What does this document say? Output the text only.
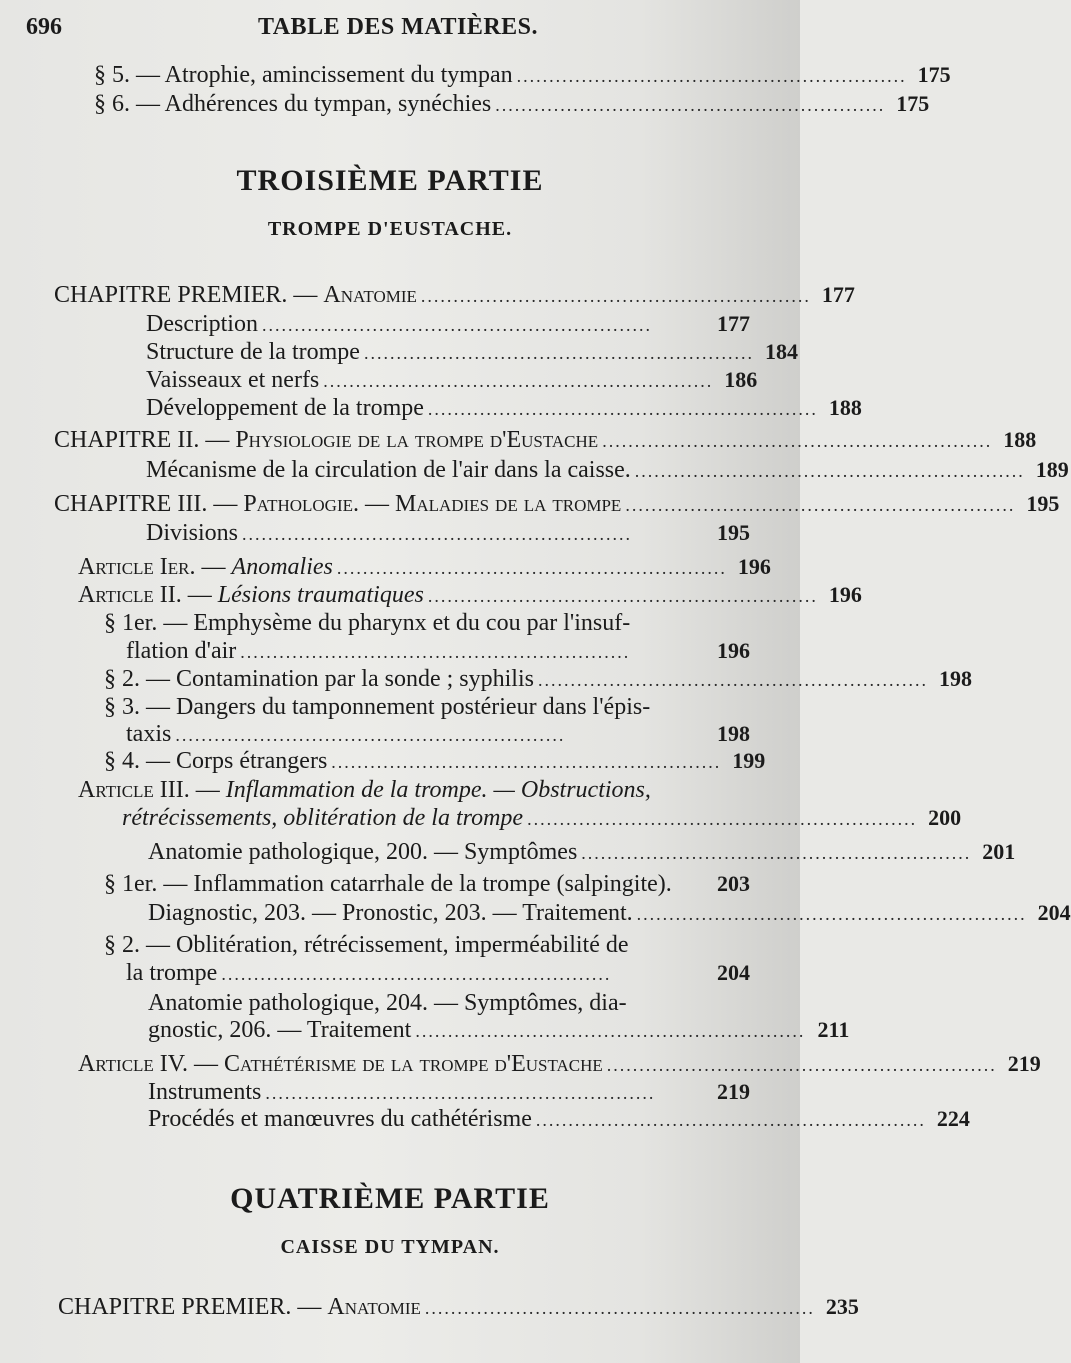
696	TABLE DES MATIÈRES.
§ 5. — Atrophie, amincissement du tympan ............................................................ 175
§ 6. — Adhérences du tympan, synéchies ............................................................ 175
TROISIÈME PARTIE
TROMPE D'EUSTACHE.
CHAPITRE PREMIER. — Anatomie ............................................................ 177
Description ............................................................	177
Structure de la trompe ............................................................ 184
Vaisseaux et nerfs ............................................................ 186
Développement de la trompe ............................................................ 188
CHAPITRE II. — Physiologie de la trompe d'Eustache ............................................................ 188
Mécanisme de la circulation de l'air dans la caisse. ............................................................ 189
CHAPITRE III. — Pathologie. — Maladies de la trompe ............................................................ 195
Divisions ............................................................	195
Article Ier. — Anomalies ............................................................ 196
Article II. — Lésions traumatiques ............................................................ 196
§ 1er. — Emphysème du pharynx et du cou par l'insuf-
flation d'air ............................................................	196
§ 2. — Contamination par la sonde ; syphilis ............................................................ 198
§ 3. — Dangers du tamponnement postérieur dans l'épis-
taxis ............................................................	198
§ 4. — Corps étrangers ............................................................ 199
Article III. — Inflammation de la trompe. — Obstructions,
rétrécissements, oblitération de la trompe ............................................................ 200
Anatomie pathologique, 200. — Symptômes ............................................................ 201
§ 1er. — Inflammation catarrhale de la trompe (salpingite). 203
Diagnostic, 203. — Pronostic, 203. — Traitement. ............................................................ 204
§ 2. — Oblitération, rétrécissement, imperméabilité de
la trompe ............................................................	204
Anatomie pathologique, 204. — Symptômes, dia-
gnostic, 206. — Traitement ............................................................ 211
Article IV. — Cathétérisme de la trompe d'Eustache ............................................................ 219
Instruments ............................................................	219
Procédés et manœuvres du cathétérisme ............................................................ 224
QUATRIÈME PARTIE
CAISSE DU TYMPAN.
CHAPITRE PREMIER. — Anatomie ............................................................ 235
